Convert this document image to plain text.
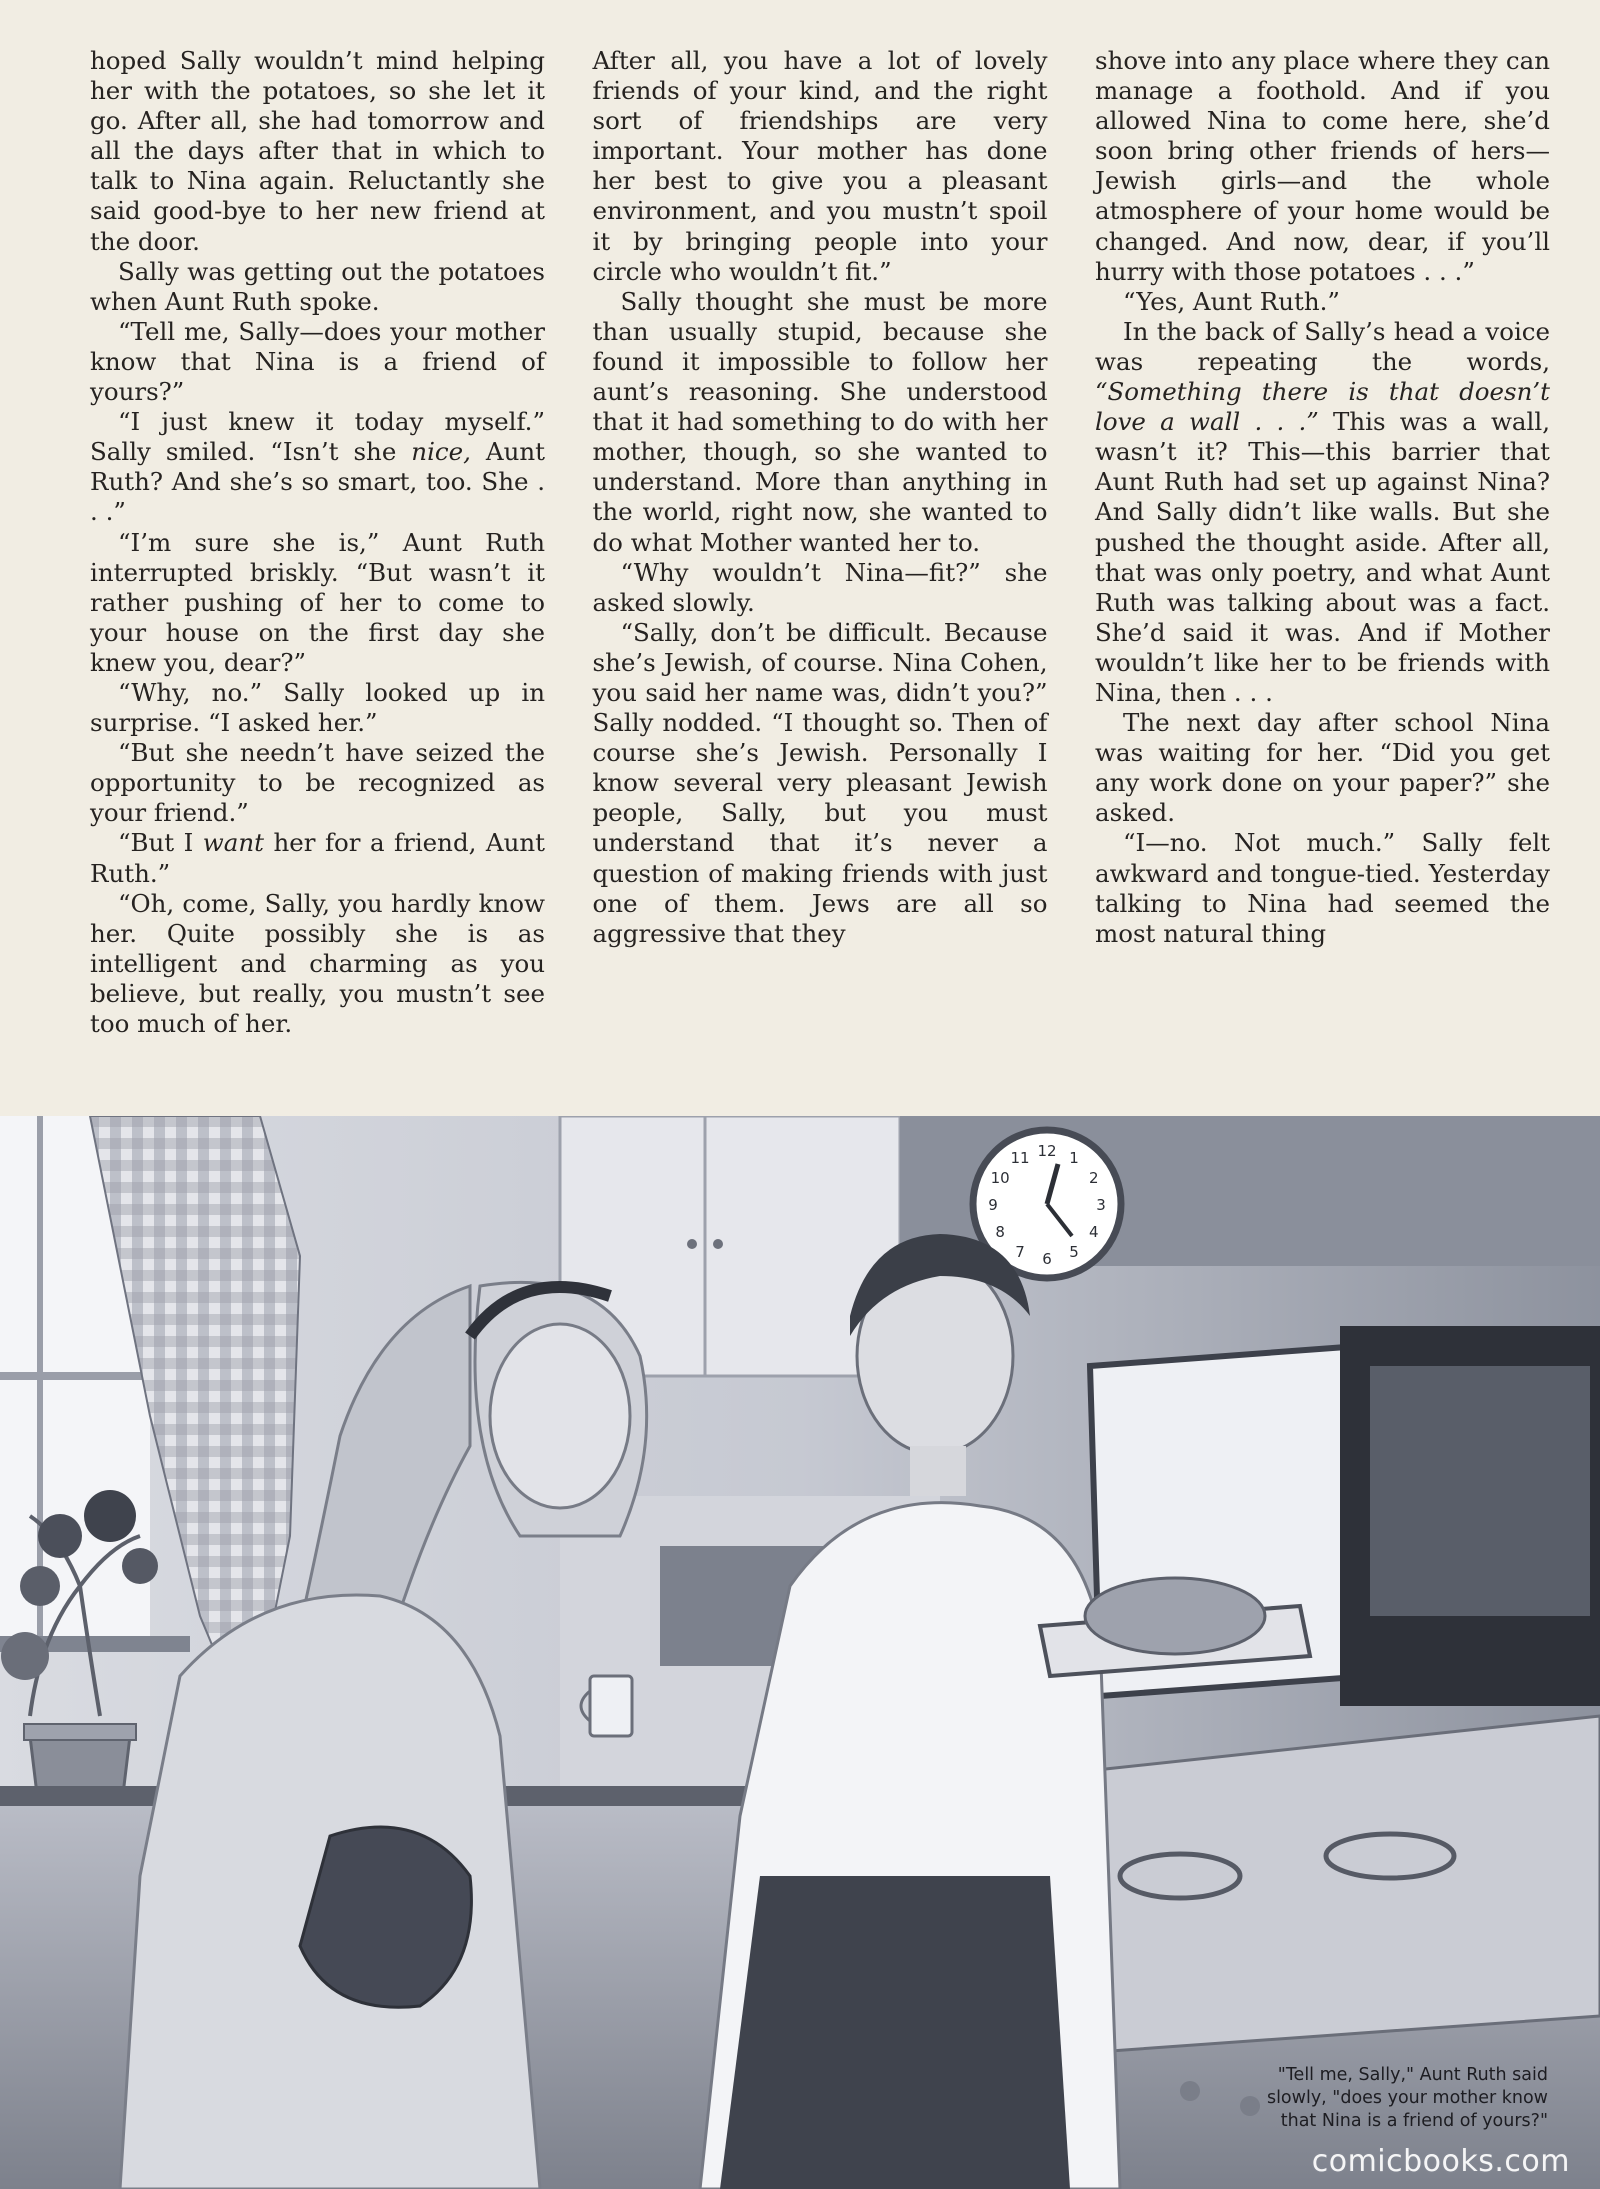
hoped Sally wouldn’t mind helping her with the potatoes, so she let it go. After all, she had tomorrow and all the days after that in which to talk to Nina again. Reluctantly she said good-bye to her new friend at the door.

Sally was getting out the potatoes when Aunt Ruth spoke.

“Tell me, Sally—does your mother know that Nina is a friend of yours?”

“I just knew it today myself.” Sally smiled. “Isn’t she nice, Aunt Ruth? And she’s so smart, too. She . . .”

“I’m sure she is,” Aunt Ruth interrupted briskly. “But wasn’t it rather pushing of her to come to your house on the first day she knew you, dear?”

“Why, no.” Sally looked up in surprise. “I asked her.”

“But she needn’t have seized the opportunity to be recognized as your friend.”

“But I want her for a friend, Aunt Ruth.”

“Oh, come, Sally, you hardly know her. Quite possibly she is as intelligent and charming as you believe, but really, you mustn’t see too much of her.

After all, you have a lot of lovely friends of your kind, and the right sort of friendships are very important. Your mother has done her best to give you a pleasant environment, and you mustn’t spoil it by bringing people into your circle who wouldn’t fit.”

Sally thought she must be more than usually stupid, because she found it impossible to follow her aunt’s reasoning. She understood that it had something to do with her mother, though, so she wanted to understand. More than anything in the world, right now, she wanted to do what Mother wanted her to.

“Why wouldn’t Nina—fit?” she asked slowly.

“Sally, don’t be difficult. Because she’s Jewish, of course. Nina Cohen, you said her name was, didn’t you?” Sally nodded. “I thought so. Then of course she’s Jewish. Personally I know several very pleasant Jewish people, Sally, but you must understand that it’s never a question of making friends with just one of them. Jews are all so aggressive that they

shove into any place where they can manage a foothold. And if you allowed Nina to come here, she’d soon bring other friends of hers—Jewish girls—and the whole atmosphere of your home would be changed. And now, dear, if you’ll hurry with those potatoes . . .”

“Yes, Aunt Ruth.”

In the back of Sally’s head a voice was repeating the words, “Something there is that doesn’t love a wall . . .” This was a wall, wasn’t it? This—this barrier that Aunt Ruth had set up against Nina? And Sally didn’t like walls. But she pushed the thought aside. After all, that was only poetry, and what Aunt Ruth was talking about was a fact. She’d said it was. And if Mother wouldn’t like her to be friends with Nina, then . . .

The next day after school Nina was waiting for her. “Did you get any work done on your paper?” she asked.

“I—no. Not much.” Sally felt awkward and tongue-tied. Yesterday talking to Nina had seemed the most natural thing

12 1
2
3
4
5
6
7
8
9
10
11
"Tell me, Sally," Aunt Ruth said
slowly, "does your mother know
that Nina is a friend of yours?"
comicbooks.com
